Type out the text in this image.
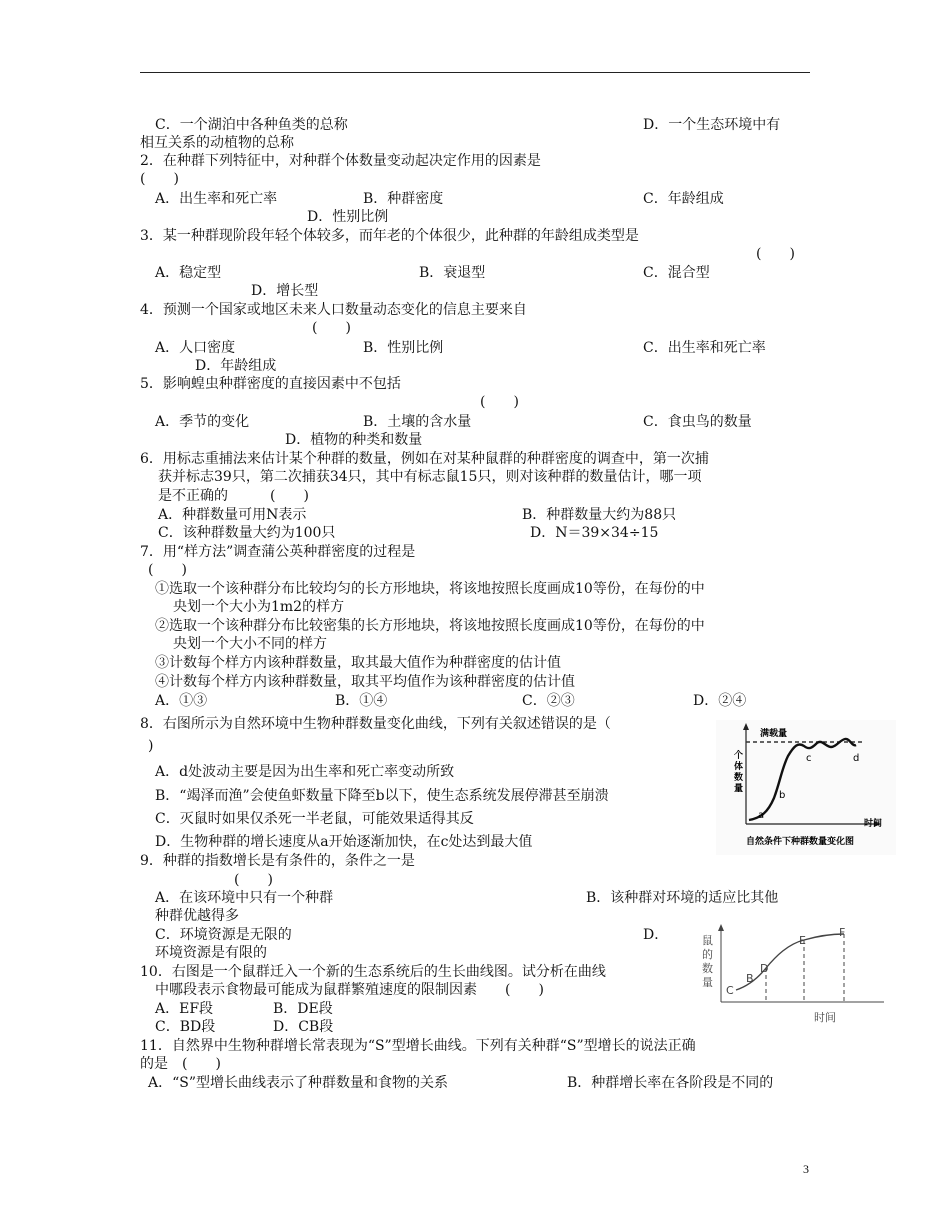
C．一个湖泊中各种鱼类的总称	D．一个生态环境中有
相互关系的动植物的总称
2．在种群下列特征中，对种群个体数量变动起决定作用的因素是
(　　)
A．出生率和死亡率	B．种群密度	C．年龄组成
D．性别比例
3．某一种群现阶段年轻个体较多，而年老的个体很少，此种群的年龄组成类型是
(　　)
A．稳定型	B．衰退型	C．混合型
D．增长型
4．预测一个国家或地区未来人口数量动态变化的信息主要来自
(　　)
A．人口密度	B．性别比例	C．出生率和死亡率
D．年龄组成
5．影响蝗虫种群密度的直接因素中不包括
(　　)
A．季节的变化	B．土壤的含水量	C．食虫鸟的数量
D．植物的种类和数量
6．用标志重捕法来估计某个种群的数量，例如在对某种鼠群的种群密度的调查中，第一次捕
获并标志39只，第二次捕获34只，其中有标志鼠15只，则对该种群的数量估计，哪一项
是不正确的　　　(　　)
A．种群数量可用N表示	B．种群数量大约为88只
C．该种群数量大约为100只	D．N＝39×34÷15
7．用“样方法”调查蒲公英种群密度的过程是
(　　)
①选取一个该种群分布比较均匀的长方形地块，将该地按照长度画成10等份，在每份的中
央划一个大小为1m2的样方
②选取一个该种群分布比较密集的长方形地块，将该地按照长度画成10等份，在每份的中
央划一个大小不同的样方
③计数每个样方内该种群数量，取其最大值作为种群密度的估计值
④计数每个样方内该种群数量，取其平均值作为该种群密度的估计值
A．①③	B．①④	C．②③	D．②④
8．右图所示为自然环境中生物种群数量变化曲线，下列有关叙述错误的是（
)
A．d处波动主要是因为出生率和死亡率变动所致
B．“竭泽而渔”会使鱼虾数量下降至b以下，使生态系统发展停滞甚至崩溃
C．灭鼠时如果仅杀死一半老鼠，可能效果适得其反
D．生物种群的增长速度从a开始逐渐加快，在c处达到最大值
9．种群的指数增长是有条件的，条件之一是
(　　)
A．在该环境中只有一个种群	B．该种群对环境的适应比其他
种群优越得多
C．环境资源是无限的	D．
环境资源是有限的
10．右图是一个鼠群迁入一个新的生态系统后的生长曲线图。试分析在曲线
中哪段表示食物最可能成为鼠群繁殖速度的限制因素　　(　　)
A．EF段	B．DE段
C．BD段	D．CB段
11．自然界中生物种群增长常表现为“S”型增长曲线。下列有关种群“S”型增长的说法正确
的是　(　　)
A．“S”型增长曲线表示了种群数量和食物的关系	B．种群增长率在各阶段是不同的
满载量
个
体
数
量
时间
a
b
c	d
自然条件下种群数量变化图
鼠
的
数
量
C
B
D
E
F
时间
3
